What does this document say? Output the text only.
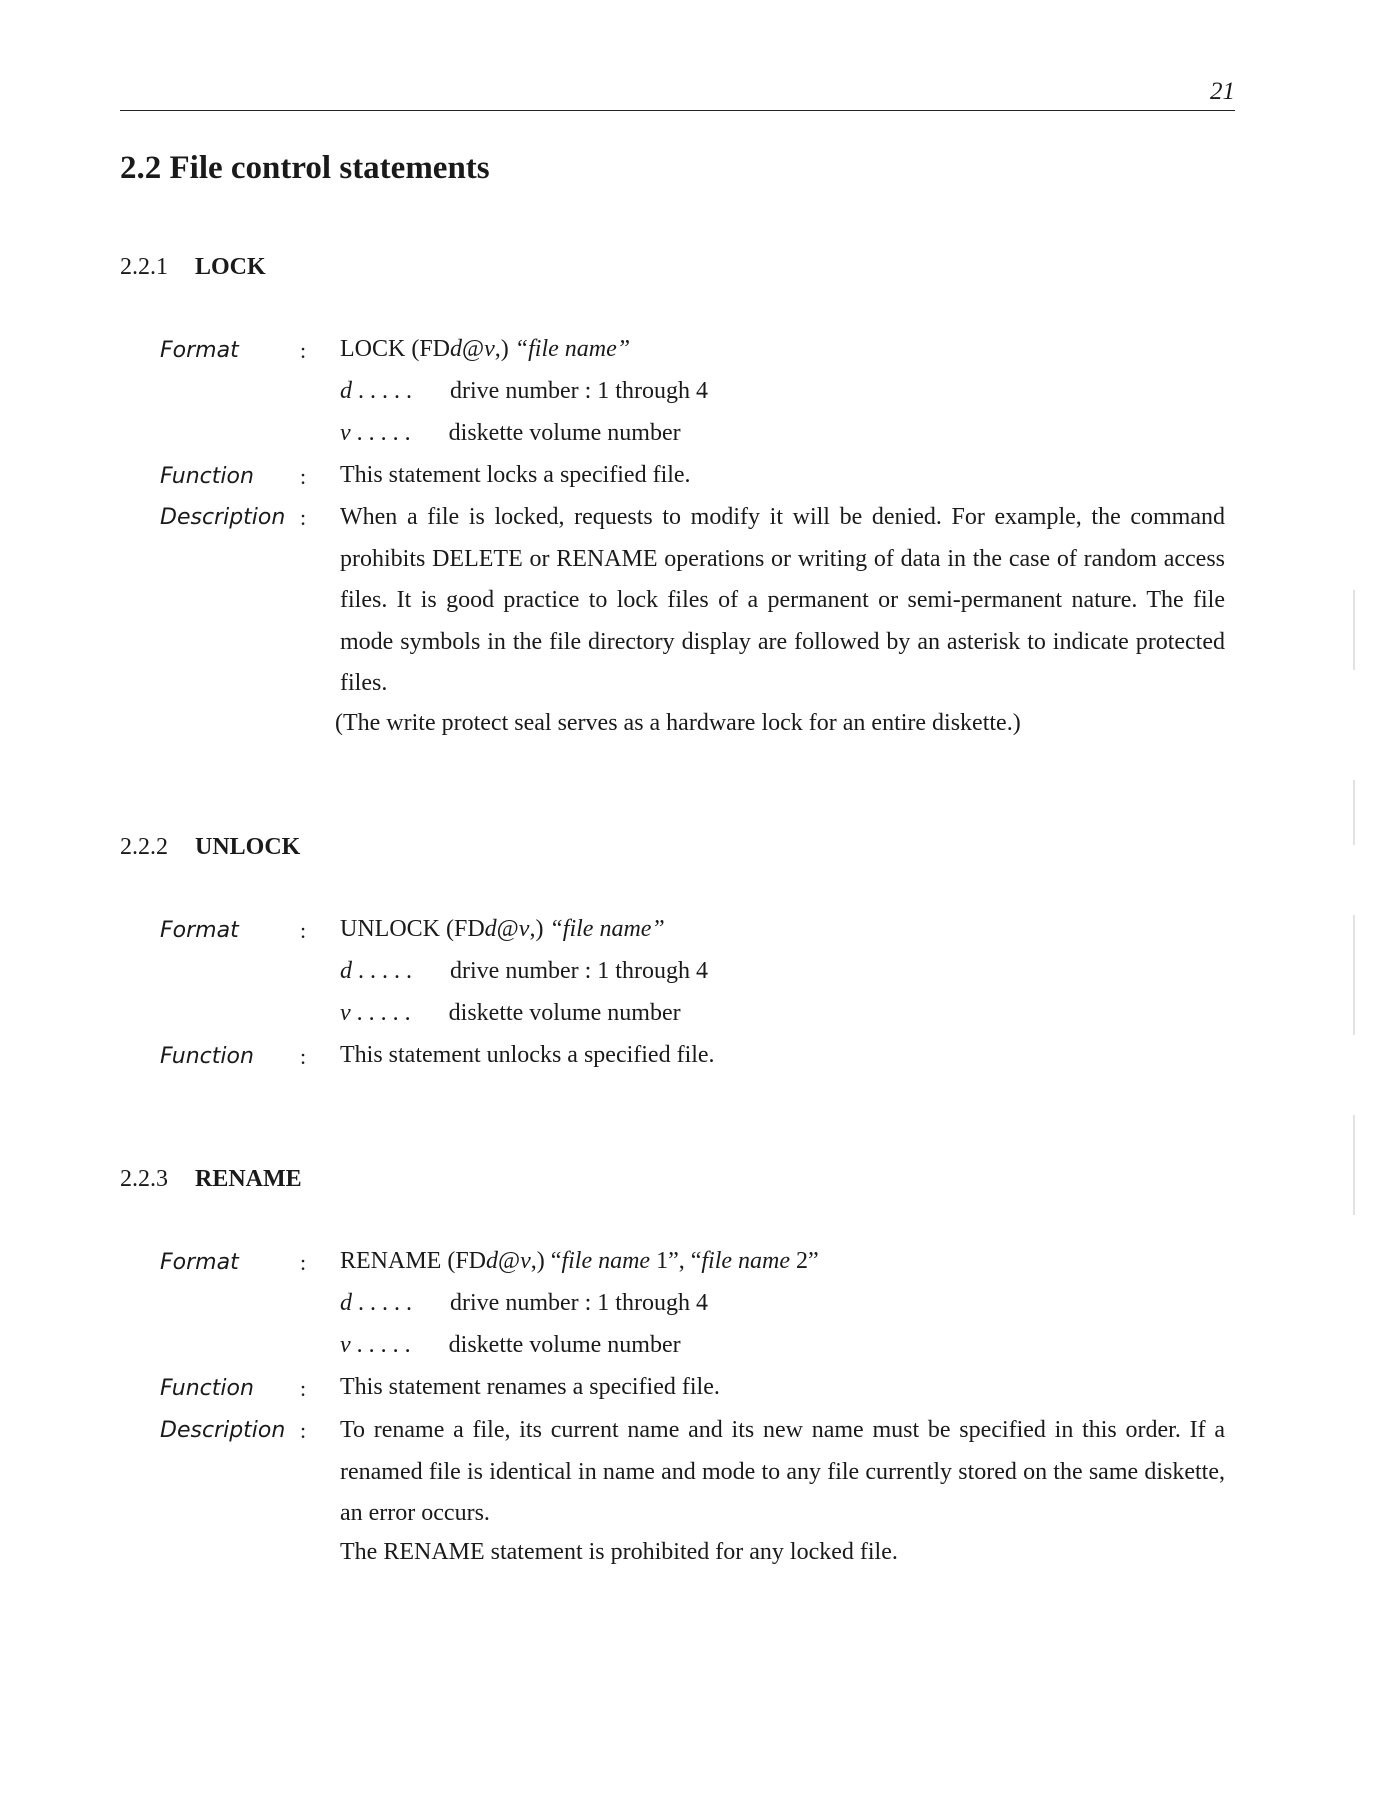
21
2.2 File control statements
2.2.1 LOCK
Format	: LOCK (FDd@v,) “file name”
d . . . . . drive number : 1 through 4
v . . . . . diskette volume number
Function : This statement locks a specified file.
Description : When a file is locked, requests to modify it will be denied. For example, the command prohibits DELETE or RENAME operations or writing of data in the case of random access files. It is good practice to lock files of a permanent or semi-permanent nature. The file mode symbols in the file directory display are followed by an asterisk to indicate protected files.
(The write protect seal serves as a hardware lock for an entire diskette.)
2.2.2 UNLOCK
Format	: UNLOCK (FDd@v,) “file name”
d . . . . . drive number : 1 through 4
v . . . . . diskette volume number
Function : This statement unlocks a specified file.
2.2.3 RENAME
Format	: RENAME (FDd@v,) “file name 1”, “file name 2”
d . . . . . drive number : 1 through 4
v . . . . . diskette volume number
Function : This statement renames a specified file.
Description : To rename a file, its current name and its new name must be specified in this order. If a renamed file is identical in name and mode to any file currently stored on the same diskette, an error occurs.
The RENAME statement is prohibited for any locked file.
